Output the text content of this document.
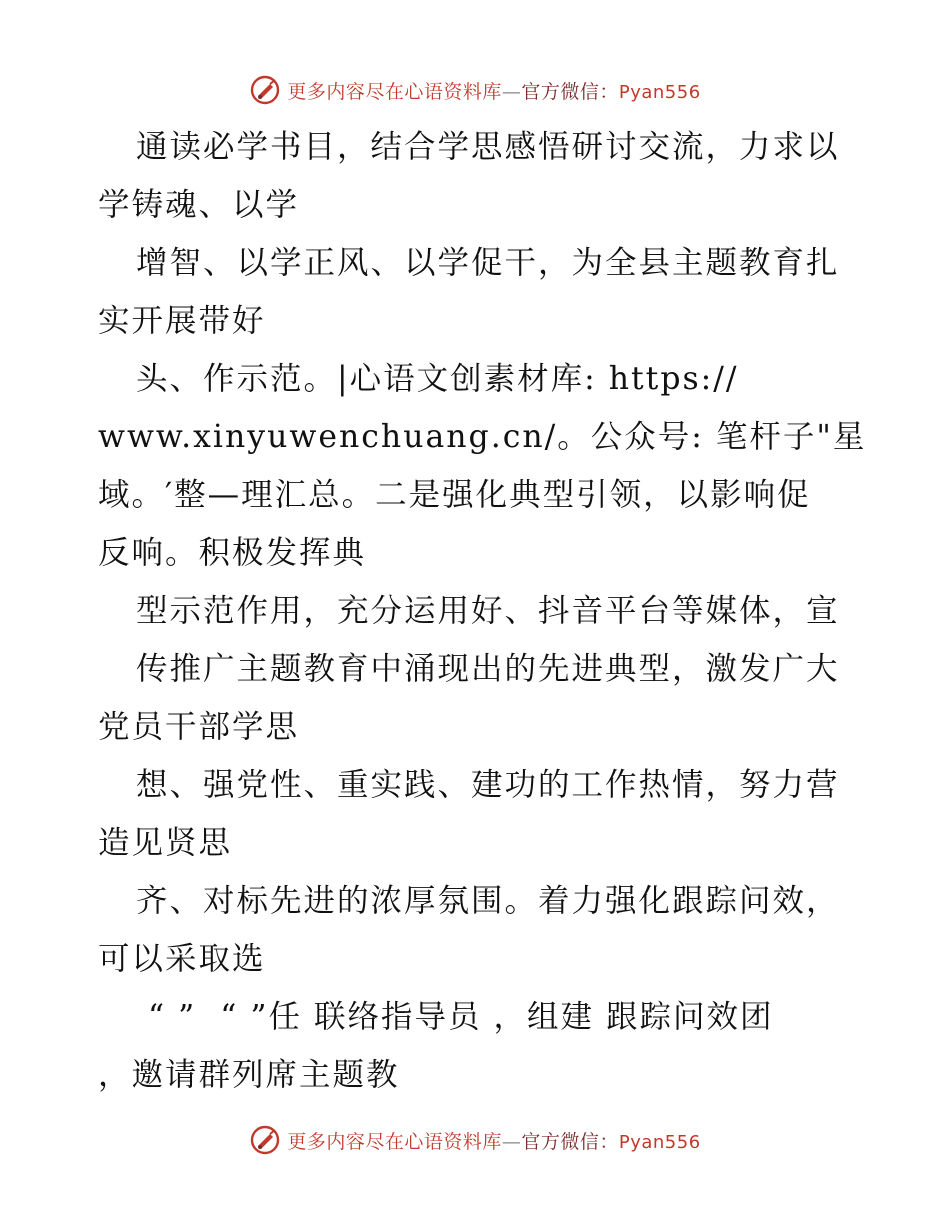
更多内容尽在心语资料库—官方微信：Pyan556
通读必学书目，结合学思感悟研讨交流，力求以
学铸魂、以学
增智、以学正风、以学促干，为全县主题教育扎
实开展带好
头、作示范。|心语文创素材库: https://
www.xinyuwenchuang.cn/。公众号: 笔杆子"星
域。′整—理汇总。二是强化典型引领，以影响促
反响。积极发挥典
型示范作用，充分运用好、抖音平台等媒体，宣
传推广主题教育中涌现出的先进典型，激发广大
党员干部学思
想、强党性、重实践、建功的工作热情，努力营
造见贤思
齐、对标先进的浓厚氛围。着力强化跟踪问效，
可以采取选
“ ”  “ ”任 联络指导员 ，组建 跟踪问效团
，邀请群列席主题教
更多内容尽在心语资料库—官方微信：Pyan556
